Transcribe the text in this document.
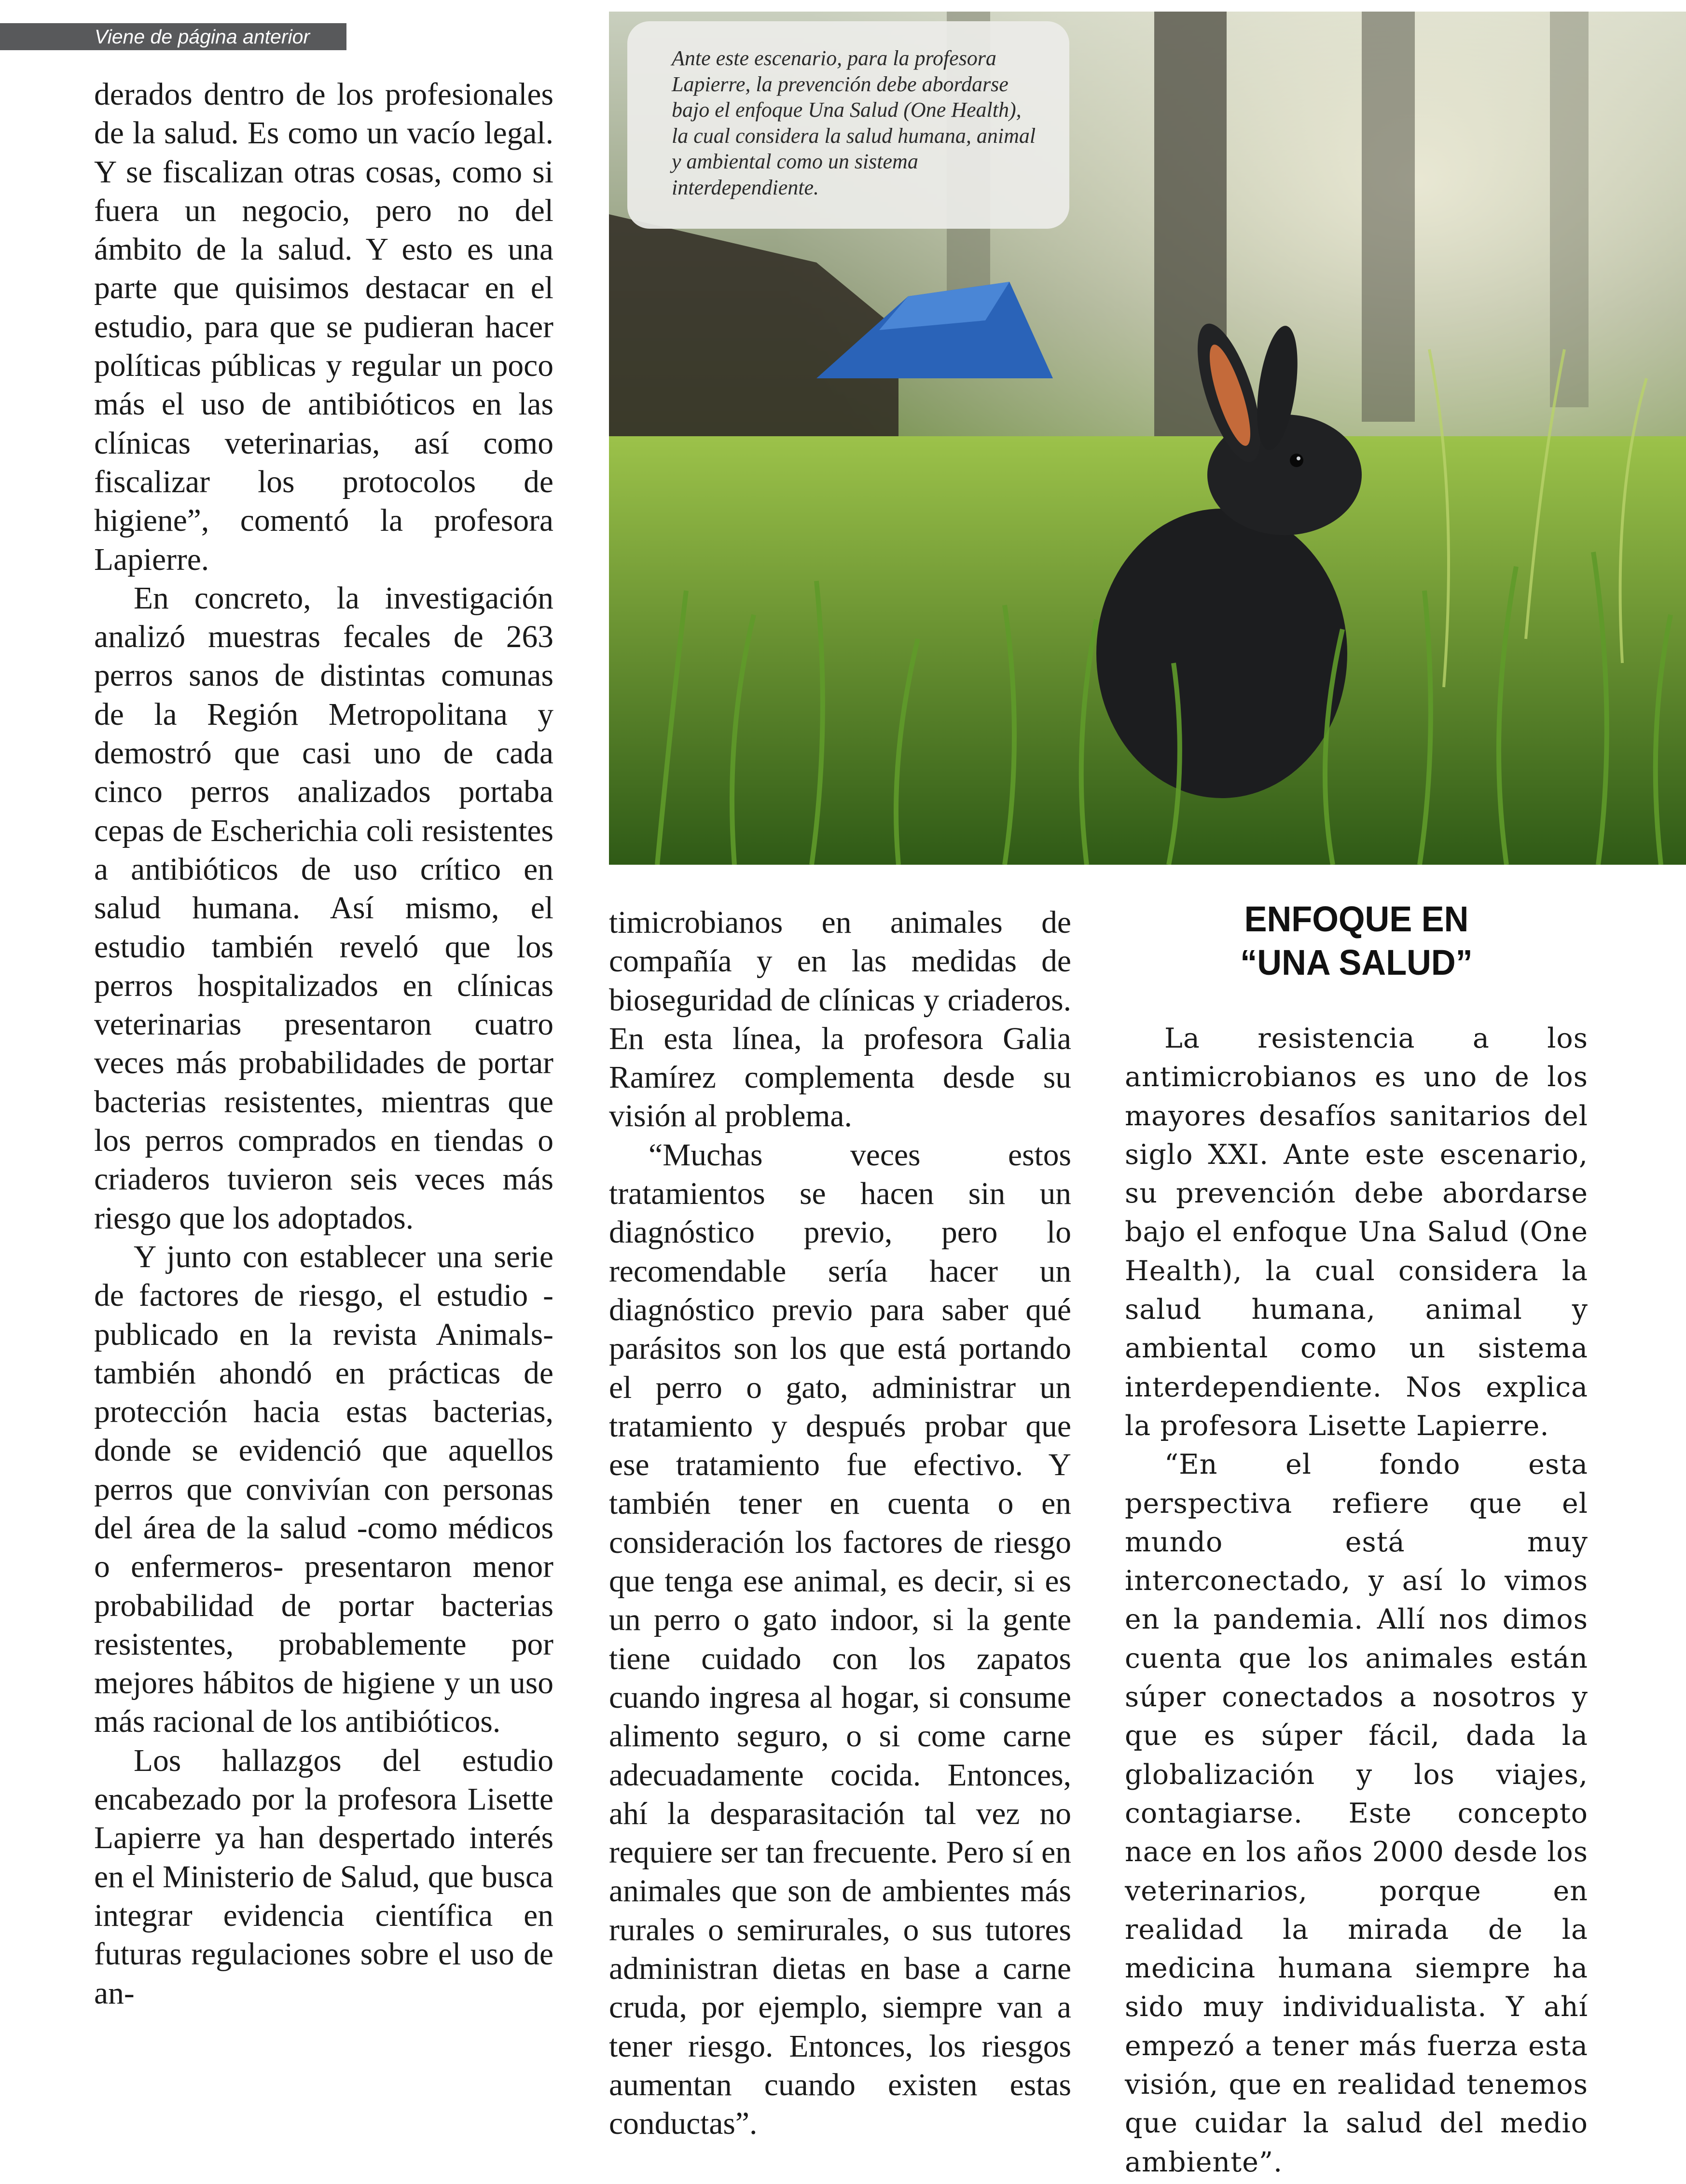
Viene de página anterior

derados dentro de los profesionales de la salud. Es como un vacío legal. Y se fiscalizan otras cosas, como si fuera un negocio, pero no del ámbito de la salud. Y esto es una parte que quisimos destacar en el estudio, para que se pudieran hacer políticas públicas y regular un poco más el uso de antibióticos en las clínicas veterinarias, así como fiscalizar los protocolos de higiene”, comentó la profesora Lapierre.

En concreto, la investigación analizó muestras fecales de 263 perros sanos de distintas comunas de la Región Metropolitana y demostró que casi uno de cada cinco perros analizados portaba cepas de Escherichia coli resistentes a antibióticos de uso crítico en salud humana. Así mismo, el estudio también reveló que los perros hospitalizados en clínicas veterinarias presentaron cuatro veces más probabilidades de portar bacterias resistentes, mientras que los perros comprados en tiendas o criaderos tuvieron seis veces más riesgo que los adoptados.

Y junto con establecer una serie de factores de riesgo, el estudio -publicado en la revista Animals- también ahondó en prácticas de protección hacia estas bacterias, donde se evidenció que aquellos perros que convivían con personas del área de la salud -como médicos o enfermeros- presentaron menor probabilidad de portar bacterias resistentes, probablemente por mejores hábitos de higiene y un uso más racional de los antibióticos.

Los hallazgos del estudio encabezado por la profesora Lisette Lapierre ya han despertado interés en el Ministerio de Salud, que busca integrar evidencia científica en futuras regulaciones sobre el uso de an-

Ante este escenario, para la profesora Lapierre, la prevención debe abordarse bajo el enfoque Una Salud (One Health), la cual considera la salud humana, animal y ambiental como un sistema interdependiente.

timicrobianos en animales de compañía y en las medidas de bioseguridad de clínicas y criaderos. En esta línea, la profesora Galia Ramírez complementa desde su visión al problema.

“Muchas veces estos tratamientos se hacen sin un diagnóstico previo, pero lo recomendable sería hacer un diagnóstico previo para saber qué parásitos son los que está portando el perro o gato, administrar un tratamiento y después probar que ese tratamiento fue efectivo. Y también tener en cuenta o en consideración los factores de riesgo que tenga ese animal, es decir, si es un perro o gato indoor, si la gente tiene cuidado con los zapatos cuando ingresa al hogar, si consume alimento seguro, o si come carne adecuadamente cocida. Entonces, ahí la desparasitación tal vez no requiere ser tan frecuente. Pero sí en animales que son de ambientes más rurales o semirurales, o sus tutores administran dietas en base a carne cruda, por ejemplo, siempre van a tener riesgo. Entonces, los riesgos aumentan cuando existen estas conductas”.

ENFOQUE EN
“UNA SALUD”

La resistencia a los antimicrobianos es uno de los mayores desafíos sanitarios del siglo XXI. Ante este escenario, su prevención debe abordarse bajo el enfoque Una Salud (One Health), la cual considera la salud humana, animal y ambiental como un sistema interdependiente. Nos explica la profesora Lisette Lapierre.

“En el fondo esta perspectiva refiere que el mundo está muy interconectado, y así lo vimos en la pandemia. Allí nos dimos cuenta que los animales están súper conectados a nosotros y que es súper fácil, dada la globalización y los viajes, contagiarse. Este concepto nace en los años 2000 desde los veterinarios, porque en realidad la mirada de la medicina humana siempre ha sido muy individualista. Y ahí empezó a tener más fuerza esta visión, que en realidad tenemos que cuidar la salud del medio ambiente”.
